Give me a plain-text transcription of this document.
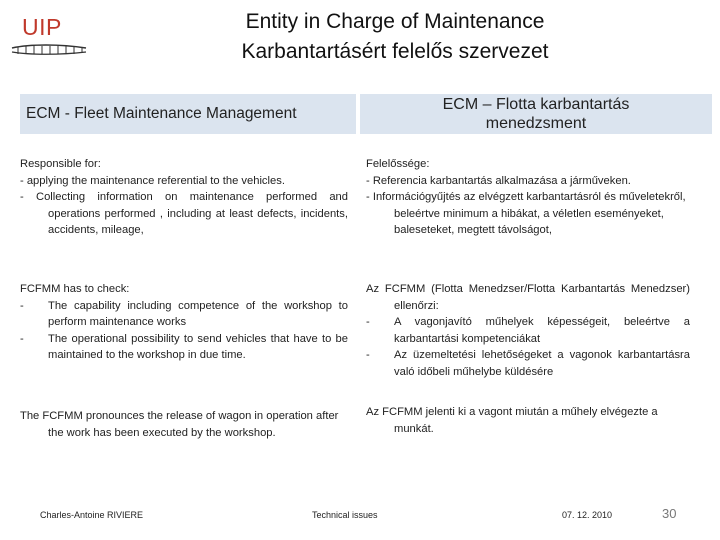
UIP	Entity in Charge of Maintenance
Karbantartásért felelős szervezet
ECM - Fleet Maintenance Management
ECM – Flotta karbantartás
menedzsment
Responsible for:
- applying the maintenance referential to the vehicles.
- Collecting information on maintenance performed and operations performed , including at least defects, incidents, accidents, mileage,
FCFMM has to check:
-	The capability including competence of the workshop to perform maintenance works
-	The operational possibility to send vehicles that have to be maintained to the workshop in due time.
The FCFMM pronounces the release of wagon in operation after the work has been executed by the workshop.
Felelőssége:
- Referencia karbantartás alkalmazása a járműveken.
- Információgyűjtés az elvégzett karbantartásról és műveletekről, beleértve minimum a hibákat, a véletlen eseményeket, baleseteket, megtett távolságot,
Az FCFMM (Flotta Menedzser/Flotta Karbantartás Menedzser) ellenőrzi:
-	A vagonjavító műhelyek képességeit, beleértve a karbantartási kompetenciákat
-	Az üzemeltetési lehetőségeket a vagonok karbantartásra való időbeli műhelybe küldésére
Az FCFMM jelenti ki a vagont miután a műhely elvégezte a munkát.
Charles-Antoine RIVIERE	Technical issues	07. 12. 2010	30
